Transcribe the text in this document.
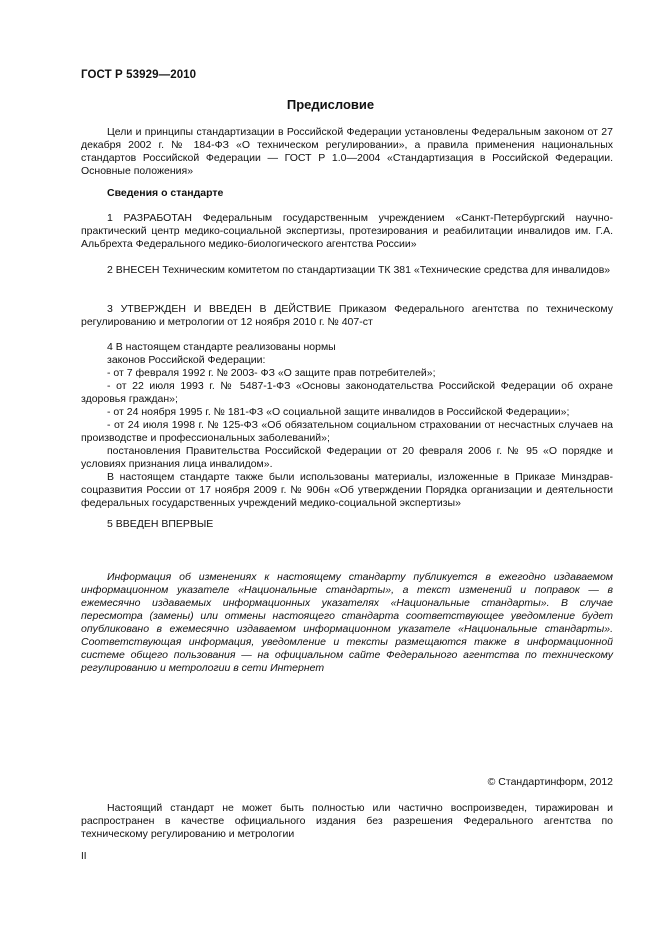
ГОСТ Р 53929—2010
Предисловие

Цели и принципы стандартизации в Российской Федерации установлены Федеральным законом от 27 декабря 2002 г. № 184-ФЗ «О техническом регулировании», а правила применения национальных стандартов Российской Федерации — ГОСТ Р 1.0—2004 «Стандартизация в Российской Федерации. Основные положения»

Сведения о стандарте

1 РАЗРАБОТАН Федеральным государственным учреждением «Санкт-Петербургский научно-практический центр медико-социальной экспертизы, протезирования и реабилитации инвалидов им. Г.А. Альбрехта Федерального медико-биологического агентства России»

2 ВНЕСЕН Техническим комитетом по стандартизации ТК 381 «Технические средства для инвалидов»

3 УТВЕРЖДЕН И ВВЕДЕН В ДЕЙСТВИЕ Приказом Федерального агентства по техническому регулированию и метрологии от 12 ноября 2010 г. № 407-ст

4 В настоящем стандарте реализованы нормы
законов Российской Федерации:
- от 7 февраля 1992 г. № 2003- ФЗ «О защите прав потребителей»;
- от 22 июля 1993 г. № 5487-1-ФЗ «Основы законодательства Российской Федерации об охране здоровья граждан»;
- от 24 ноября 1995 г. № 181-ФЗ «О социальной защите инвалидов в Российской Федерации»;
- от 24 июля 1998 г. № 125-ФЗ «Об обязательном социальном страховании от несчастных случаев на производстве и профессиональных заболеваний»;
постановления Правительства Российской Федерации от 20 февраля 2006 г. № 95 «О порядке и условиях признания лица инвалидом».
В настоящем стандарте также были использованы материалы, изложенные в Приказе Минздрав-соцразвития России от 17 ноября 2009 г. № 906н «Об утверждении Порядка организации и деятельности федеральных государственных учреждений медико-социальной экспертизы»

5 ВВЕДЕН ВПЕРВЫЕ

Информация об изменениях к настоящему стандарту публикуется в ежегодно издаваемом информационном указателе «Национальные стандарты», а текст изменений и поправок — в ежемесячно издаваемых информационных указателях «Национальные стандарты». В случае пересмотра (замены) или отмены настоящего стандарта соответствующее уведомление будет опубликовано в ежемесячно издаваемом информационном указателе «Национальные стандарты». Соответствующая информация, уведомление и тексты размещаются также в информационной системе общего пользования — на официальном сайте Федерального агентства по техническому регулированию и метрологии в сети Интернет

© Стандартинформ, 2012

Настоящий стандарт не может быть полностью или частично воспроизведен, тиражирован и распространен в качестве официального издания без разрешения Федерального агентства по техническому регулированию и метрологии

II
